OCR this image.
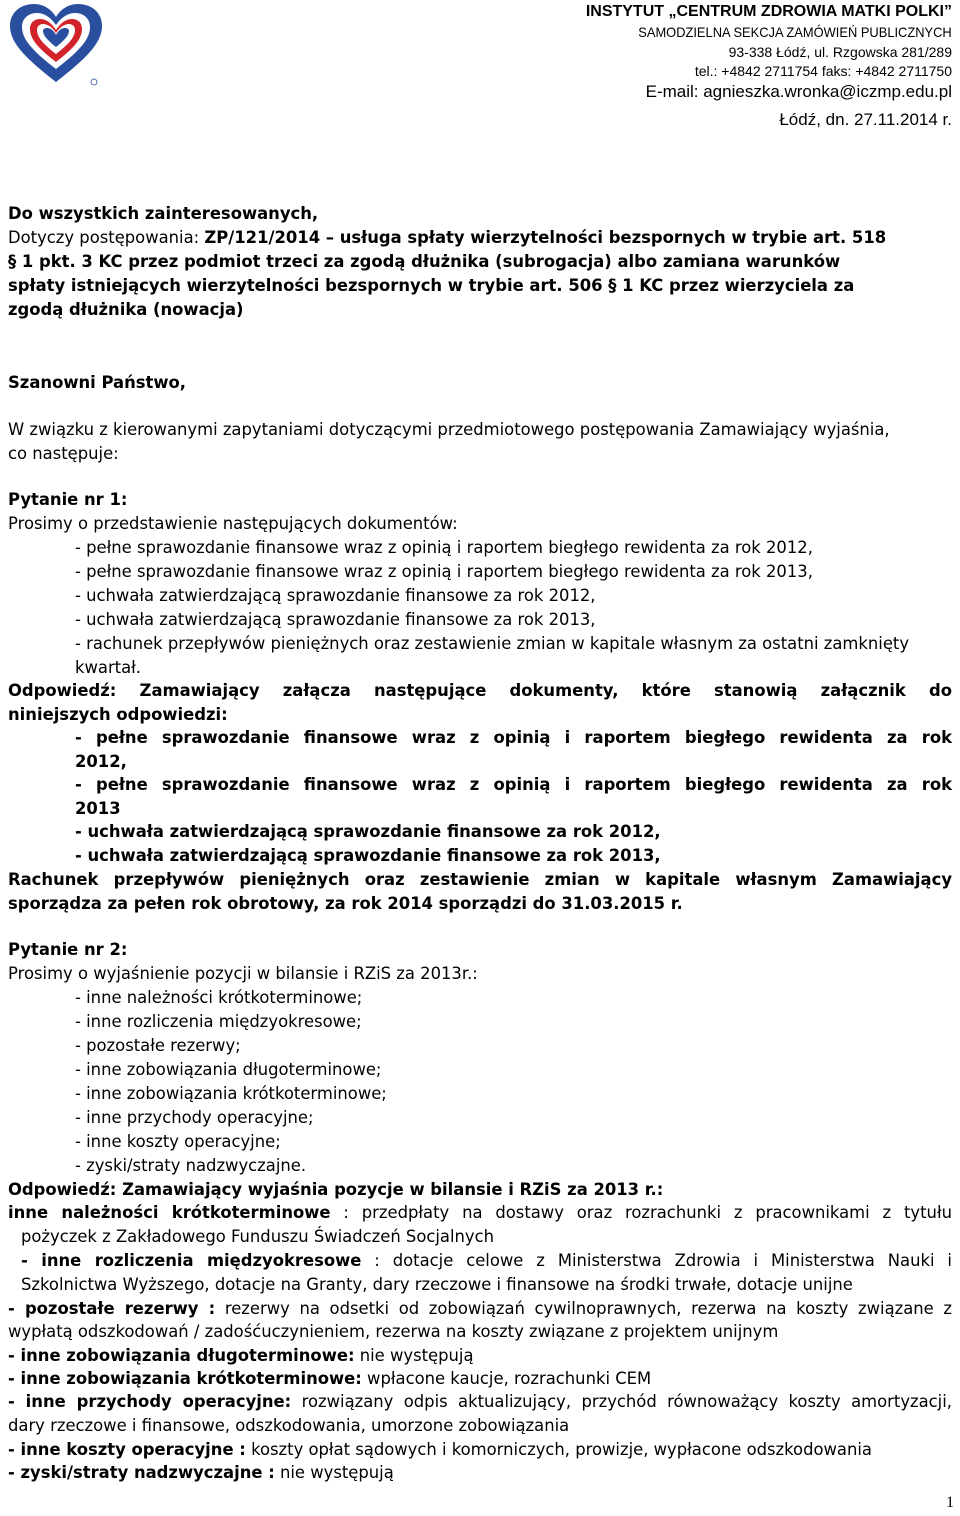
INSTYTUT „CENTRUM ZDROWIA MATKI POLKI”
SAMODZIELNA SEKCJA ZAMÓWIEŃ PUBLICZNYCH
93-338 Łódź, ul. Rzgowska 281/289
tel.: +4842 2711754 faks: +4842 2711750
E-mail: agnieszka.wronka@iczmp.edu.pl
Łódź, dn. 27.11.2014 r.
Do wszystkich zainteresowanych,
Dotyczy postępowania: ZP/121/2014 – usługa spłaty wierzytelności bezspornych w trybie art. 518
§ 1 pkt. 3 KC przez podmiot trzeci za zgodą dłużnika (subrogacja) albo zamiana warunków
spłaty istniejących wierzytelności bezspornych w trybie art. 506 § 1 KC przez wierzyciela za
zgodą dłużnika (nowacja)
Szanowni Państwo,
W związku z kierowanymi zapytaniami dotyczącymi przedmiotowego postępowania Zamawiający wyjaśnia,
co następuje:
Pytanie nr 1:
Prosimy o przedstawienie następujących dokumentów:
- pełne sprawozdanie finansowe wraz z opinią i raportem biegłego rewidenta za rok 2012,
- pełne sprawozdanie finansowe wraz z opinią i raportem biegłego rewidenta za rok 2013,
- uchwała zatwierdzającą sprawozdanie finansowe za rok 2012,
- uchwała zatwierdzającą sprawozdanie finansowe za rok 2013,
- rachunek przepływów pieniężnych oraz zestawienie zmian w kapitale własnym za ostatni zamknięty
kwartał.
Odpowiedź: Zamawiający załącza następujące dokumenty, które stanowią załącznik do
niniejszych odpowiedzi:
- pełne sprawozdanie finansowe wraz z opinią i raportem biegłego rewidenta za rok
2012,
- pełne sprawozdanie finansowe wraz z opinią i raportem biegłego rewidenta za rok
2013
- uchwała zatwierdzającą sprawozdanie finansowe za rok 2012,
- uchwała zatwierdzającą sprawozdanie finansowe za rok 2013,
Rachunek przepływów pieniężnych oraz zestawienie zmian w kapitale własnym Zamawiający
sporządza za pełen rok obrotowy, za rok 2014 sporządzi do 31.03.2015 r.
Pytanie nr 2:
Prosimy o wyjaśnienie pozycji w bilansie i RZiS za 2013r.:
- inne należności krótkoterminowe;
- inne rozliczenia międzyokresowe;
- pozostałe rezerwy;
- inne zobowiązania długoterminowe;
- inne zobowiązania krótkoterminowe;
- inne przychody operacyjne;
- inne koszty operacyjne;
- zyski/straty nadzwyczajne.
Odpowiedź: Zamawiający wyjaśnia pozycje w bilansie i RZiS za 2013 r.:
inne należności krótkoterminowe : przedpłaty na dostawy oraz rozrachunki z pracownikami z tytułu
pożyczek z Zakładowego Funduszu Świadczeń Socjalnych
- inne rozliczenia międzyokresowe : dotacje celowe z Ministerstwa Zdrowia i Ministerstwa Nauki i
Szkolnictwa Wyższego, dotacje na Granty, dary rzeczowe i finansowe na środki trwałe, dotacje unijne
- pozostałe rezerwy : rezerwy na odsetki od zobowiązań cywilnoprawnych, rezerwa na koszty związane z
wypłatą odszkodowań / zadośćuczynieniem, rezerwa na koszty związane z projektem unijnym
- inne zobowiązania długoterminowe: nie występują
- inne zobowiązania krótkoterminowe: wpłacone kaucje, rozrachunki CEM
- inne przychody operacyjne: rozwiązany odpis aktualizujący, przychód równoważący koszty amortyzacji,
dary rzeczowe i finansowe, odszkodowania, umorzone zobowiązania
- inne koszty operacyjne : koszty opłat sądowych i komorniczych, prowizje, wypłacone odszkodowania
- zyski/straty nadzwyczajne : nie występują
1
